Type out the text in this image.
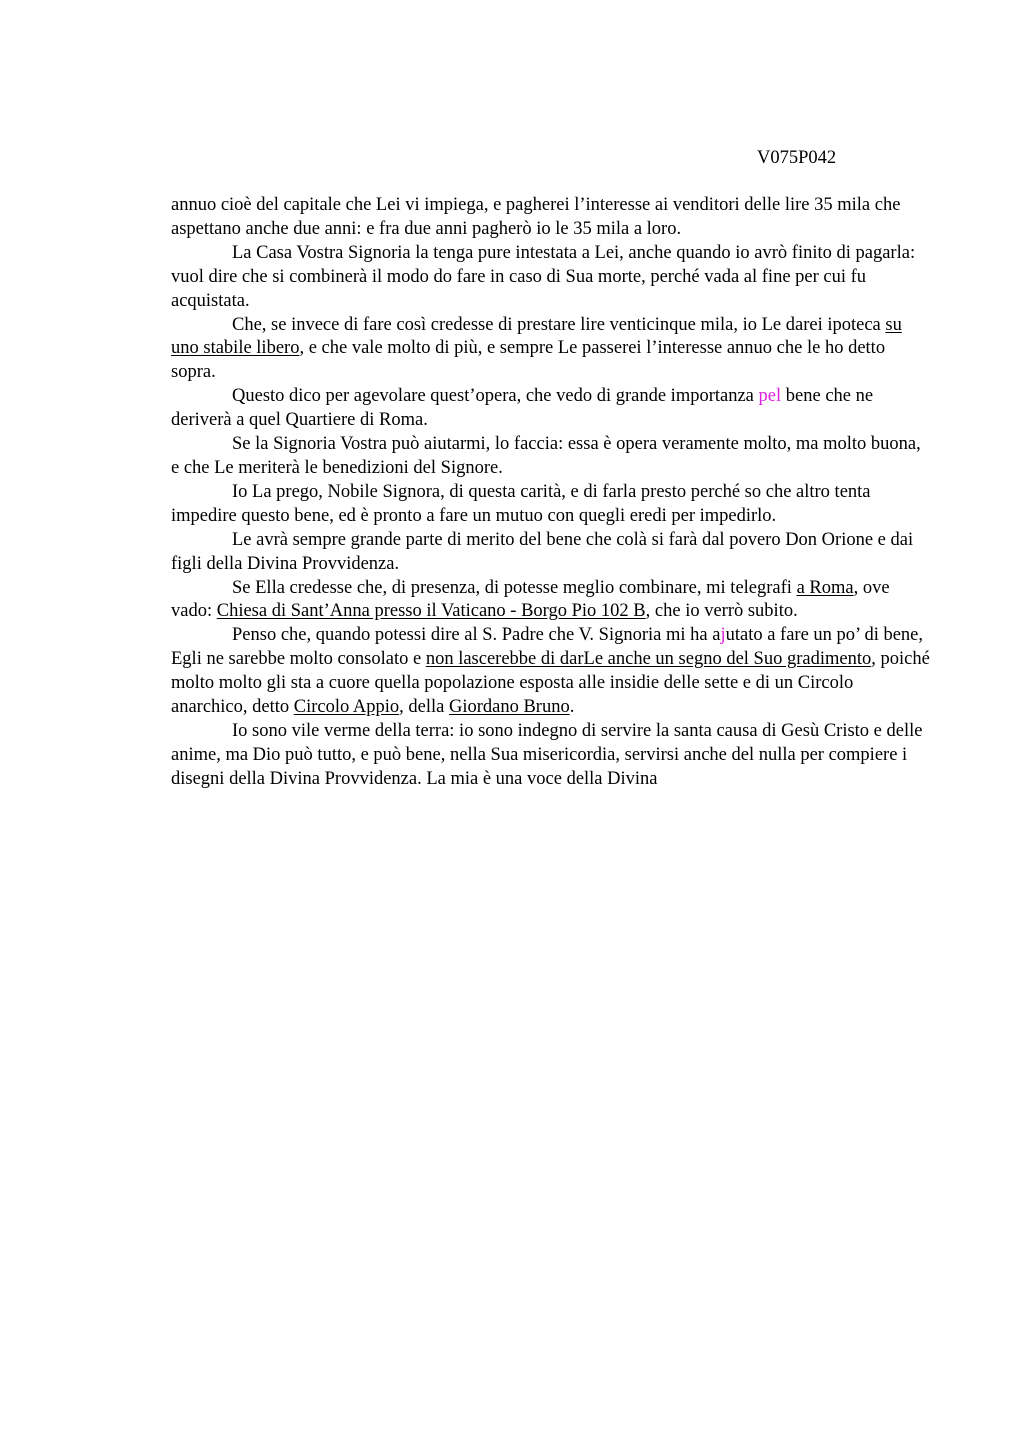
V075P042

annuo cioè del capitale che Lei vi impiega, e pagherei l’interesse ai venditori delle lire 35 mila che aspettano anche due anni: e fra due anni pagherò io le 35 mila a loro.

La Casa Vostra Signoria la tenga pure intestata a Lei, anche quando io avrò finito di pagarla: vuol dire che si combinerà il modo do fare in caso di Sua morte, perché vada al fine per cui fu acquistata.

Che, se invece di fare così credesse di prestare lire venticinque mila, io Le darei ipoteca su uno stabile libero, e che vale molto di più, e sempre Le passerei l’interesse annuo che le ho detto sopra.

Questo dico per agevolare quest’opera, che vedo di grande importanza pel bene che ne deriverà a quel Quartiere di Roma.

Se la Signoria Vostra può aiutarmi, lo faccia: essa è opera veramente molto, ma molto buona, e che Le meriterà le benedizioni del Signore.

Io La prego, Nobile Signora, di questa carità, e di farla presto perché so che altro tenta impedire questo bene, ed è pronto a fare un mutuo con quegli eredi per impedirlo.

Le avrà sempre grande parte di merito del bene che colà si farà dal povero Don Orione e dai figli della Divina Provvidenza.

Se Ella credesse che, di presenza, di potesse meglio combinare, mi telegrafi a Roma, ove vado: Chiesa di Sant’Anna presso il Vaticano - Borgo Pio 102 B, che io verrò subito.

Penso che, quando potessi dire al S. Padre che V. Signoria mi ha ajutato a fare un po’ di bene, Egli ne sarebbe molto consolato e non lascerebbe di darLe anche un segno del Suo gradimento, poiché molto molto gli sta a cuore quella popolazione esposta alle insidie delle sette e di un Circolo anarchico, detto Circolo Appio, della Giordano Bruno.

Io sono vile verme della terra: io sono indegno di servire la santa causa di Gesù Cristo e delle anime, ma Dio può tutto, e può bene, nella Sua misericordia, servirsi anche del nulla per compiere i disegni della Divina Provvidenza. La mia è una voce della Divina
